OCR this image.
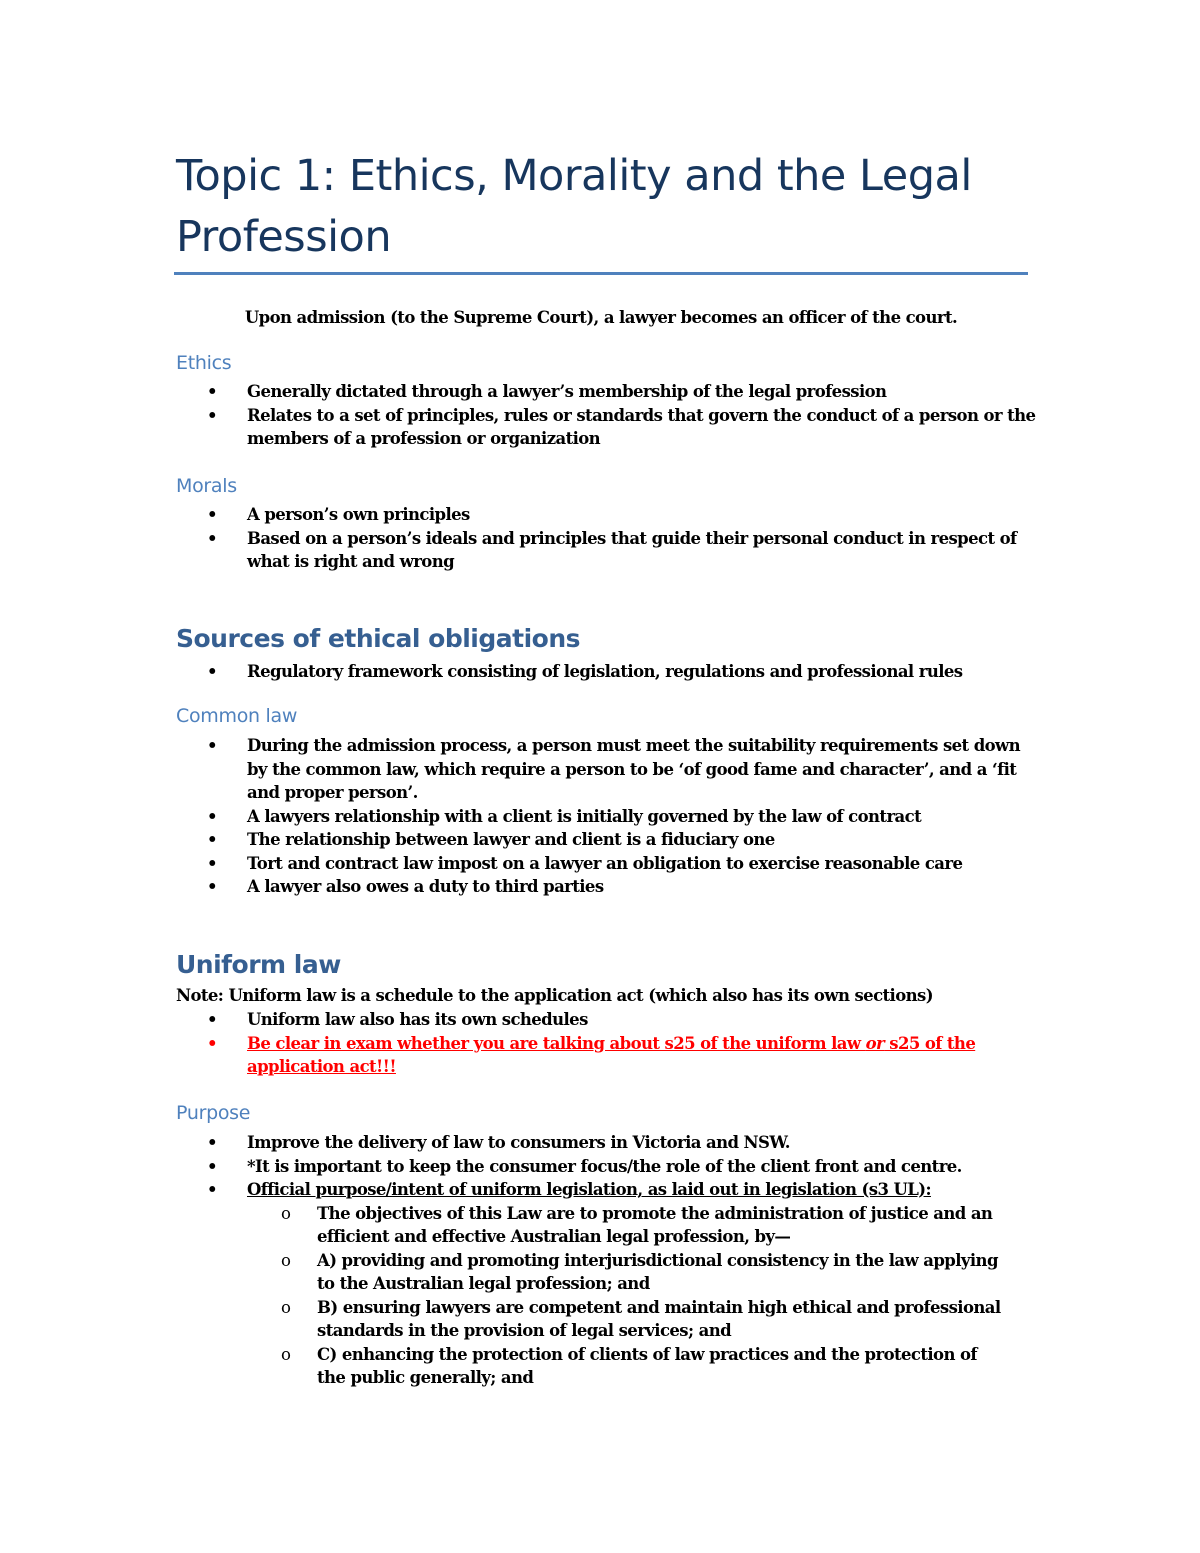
Topic 1: Ethics, Morality and the Legal Profession

Upon admission (to the Supreme Court), a lawyer becomes an officer of the court.

Ethics
• Generally dictated through a lawyer’s membership of the legal profession
• Relates to a set of principles, rules or standards that govern the conduct of a person or the members of a profession or organization
Morals
• A person’s own principles
• Based on a person’s ideals and principles that guide their personal conduct in respect of what is right and wrong
Sources of ethical obligations
• Regulatory framework consisting of legislation, regulations and professional rules
Common law
• During the admission process, a person must meet the suitability requirements set down by the common law, which require a person to be ‘of good fame and character’, and a ‘fit and proper person’.
• A lawyers relationship with a client is initially governed by the law of contract
• The relationship between lawyer and client is a fiduciary one
• Tort and contract law impost on a lawyer an obligation to exercise reasonable care
• A lawyer also owes a duty to third parties
Uniform law

Note: Uniform law is a schedule to the application act (which also has its own sections)

• Uniform law also has its own schedules
• Be clear in exam whether you are talking about s25 of the uniform law or s25 of the application act!!!
Purpose
• Improve the delivery of law to consumers in Victoria and NSW.
• *It is important to keep the consumer focus/the role of the client front and centre.
• Official purpose/intent of uniform legislation, as laid out in legislation (s3 UL):
o The objectives of this Law are to promote the administration of justice and an efficient and effective Australian legal profession, by—
o A) providing and promoting interjurisdictional consistency in the law applying to the Australian legal profession; and
o B) ensuring lawyers are competent and maintain high ethical and professional standards in the provision of legal services; and
o C) enhancing the protection of clients of law practices and the protection of the public generally; and
